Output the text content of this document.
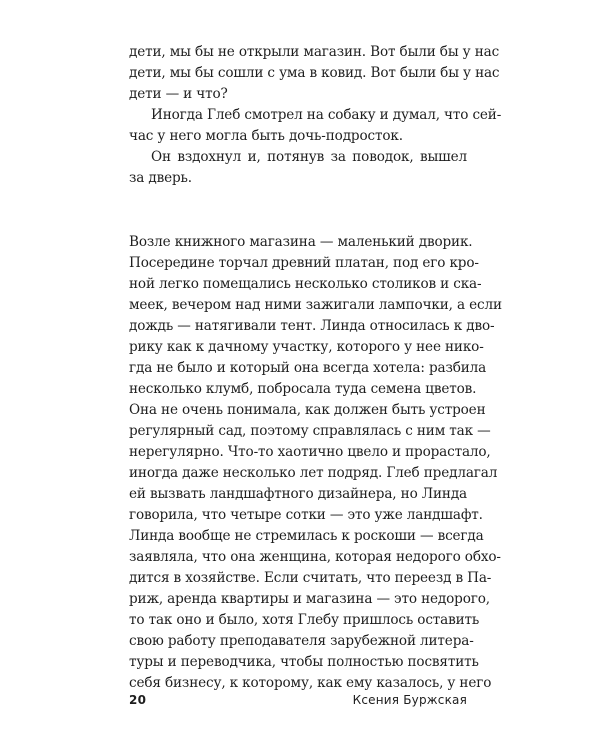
дети, мы бы не открыли магазин. Вот были бы у нас
дети, мы бы сошли с ума в ковид. Вот были бы у нас
дети — и что?
Иногда Глеб смотрел на собаку и думал, что сей-
час у него могла быть дочь-подросток.
Он вздохнул и, потянув за поводок, вышел
за дверь.
Возле книжного магазина — маленький дворик.
Посередине торчал древний платан, под его кро-
ной легко помещались несколько столиков и ска-
меек, вечером над ними зажигали лампочки, а если
дождь — натягивали тент. Линда относилась к дво-
рику как к дачному участку, которого у нее нико-
гда не было и который она всегда хотела: разбила
несколько клумб, побросала туда семена цветов.
Она не очень понимала, как должен быть устроен
регулярный сад, поэтому справлялась с ним так —
нерегулярно. Что-то хаотично цвело и прорастало,
иногда даже несколько лет подряд. Глеб предлагал
ей вызвать ландшафтного дизайнера, но Линда
говорила, что четыре сотки — это уже ландшафт.
Линда вообще не стремилась к роскоши — всегда
заявляла, что она женщина, которая недорого обхо-
дится в хозяйстве. Если считать, что переезд в Па-
риж, аренда квартиры и магазина — это недорого,
то так оно и было, хотя Глебу пришлось оставить
свою работу преподавателя зарубежной литера-
туры и переводчика, чтобы полностью посвятить
себя бизнесу, к которому, как ему казалось, у него
20	Ксения Буржская
